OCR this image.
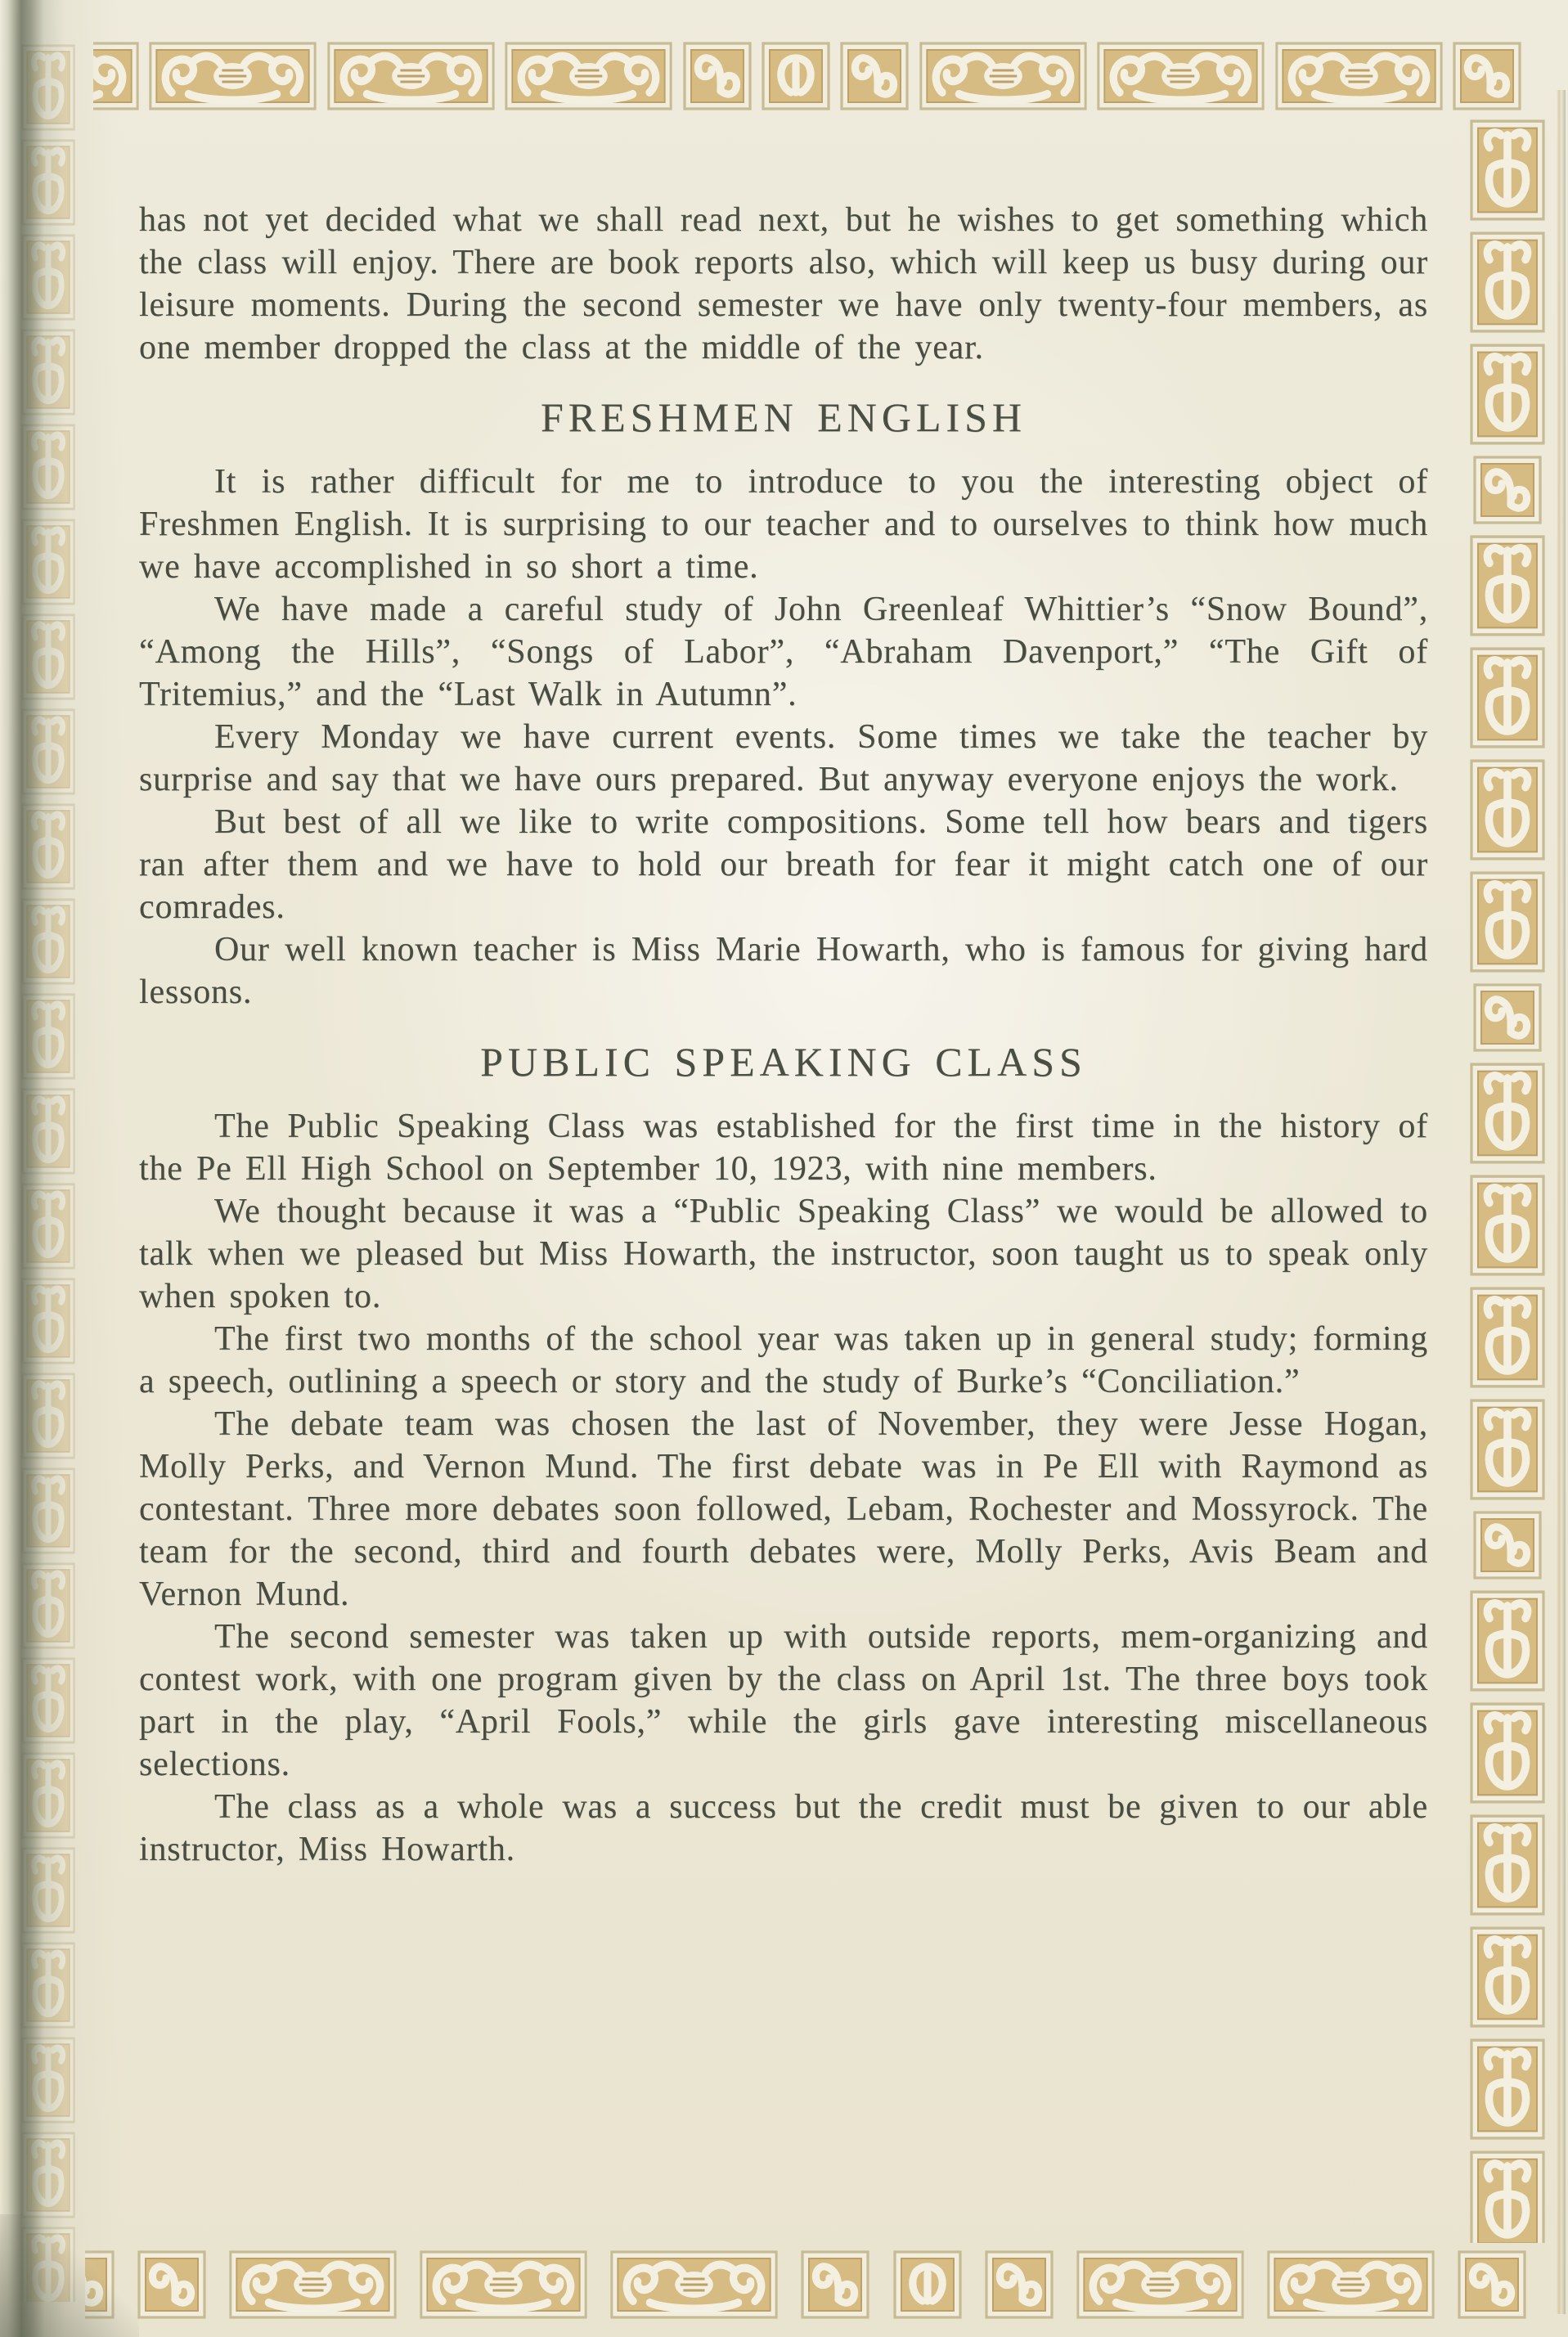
has not yet decided what we shall read next, but he wishes to get something which the class will enjoy. There are book reports also, which will keep us busy during our leisure moments. During the second semester we have only twenty-four members, as one member dropped the class at the middle of the year.

FRESHMEN ENGLISH

It is rather difficult for me to introduce to you the interesting object of Freshmen English. It is surprising to our teacher and to ourselves to think how much we have accomplished in so short a time.

We have made a careful study of John Greenleaf Whittier’s “Snow Bound”, “Among the Hills”, “Songs of Labor”, “Abraham Davenport,” “The Gift of Tritemius,” and the “Last Walk in Autumn”.

Every Monday we have current events. Some times we take the teacher by surprise and say that we have ours prepared. But anyway everyone enjoys the work.

But best of all we like to write compositions. Some tell how bears and tigers ran after them and we have to hold our breath for fear it might catch one of our comrades.

Our well known teacher is Miss Marie Howarth, who is famous for giving hard lessons.

PUBLIC SPEAKING CLASS

The Public Speaking Class was established for the first time in the history of the Pe Ell High School on September 10, 1923, with nine members.

We thought because it was a “Public Speaking Class” we would be allowed to talk when we pleased but Miss Howarth, the instructor, soon taught us to speak only when spoken to.

The first two months of the school year was taken up in general study; forming a speech, outlining a speech or story and the study of Burke’s “Conciliation.”

The debate team was chosen the last of November, they were Jesse Hogan, Molly Perks, and Vernon Mund. The first debate was in Pe Ell with Raymond as contestant. Three more debates soon followed, Lebam, Rochester and Mossyrock. The team for the second, third and fourth debates were, Molly Perks, Avis Beam and Vernon Mund.

The second semester was taken up with outside reports, mem-organizing and contest work, with one program given by the class on April 1st. The three boys took part in the play, “April Fools,” while the girls gave interesting miscellaneous selections.

The class as a whole was a success but the credit must be given to our able instructor, Miss Howarth.
